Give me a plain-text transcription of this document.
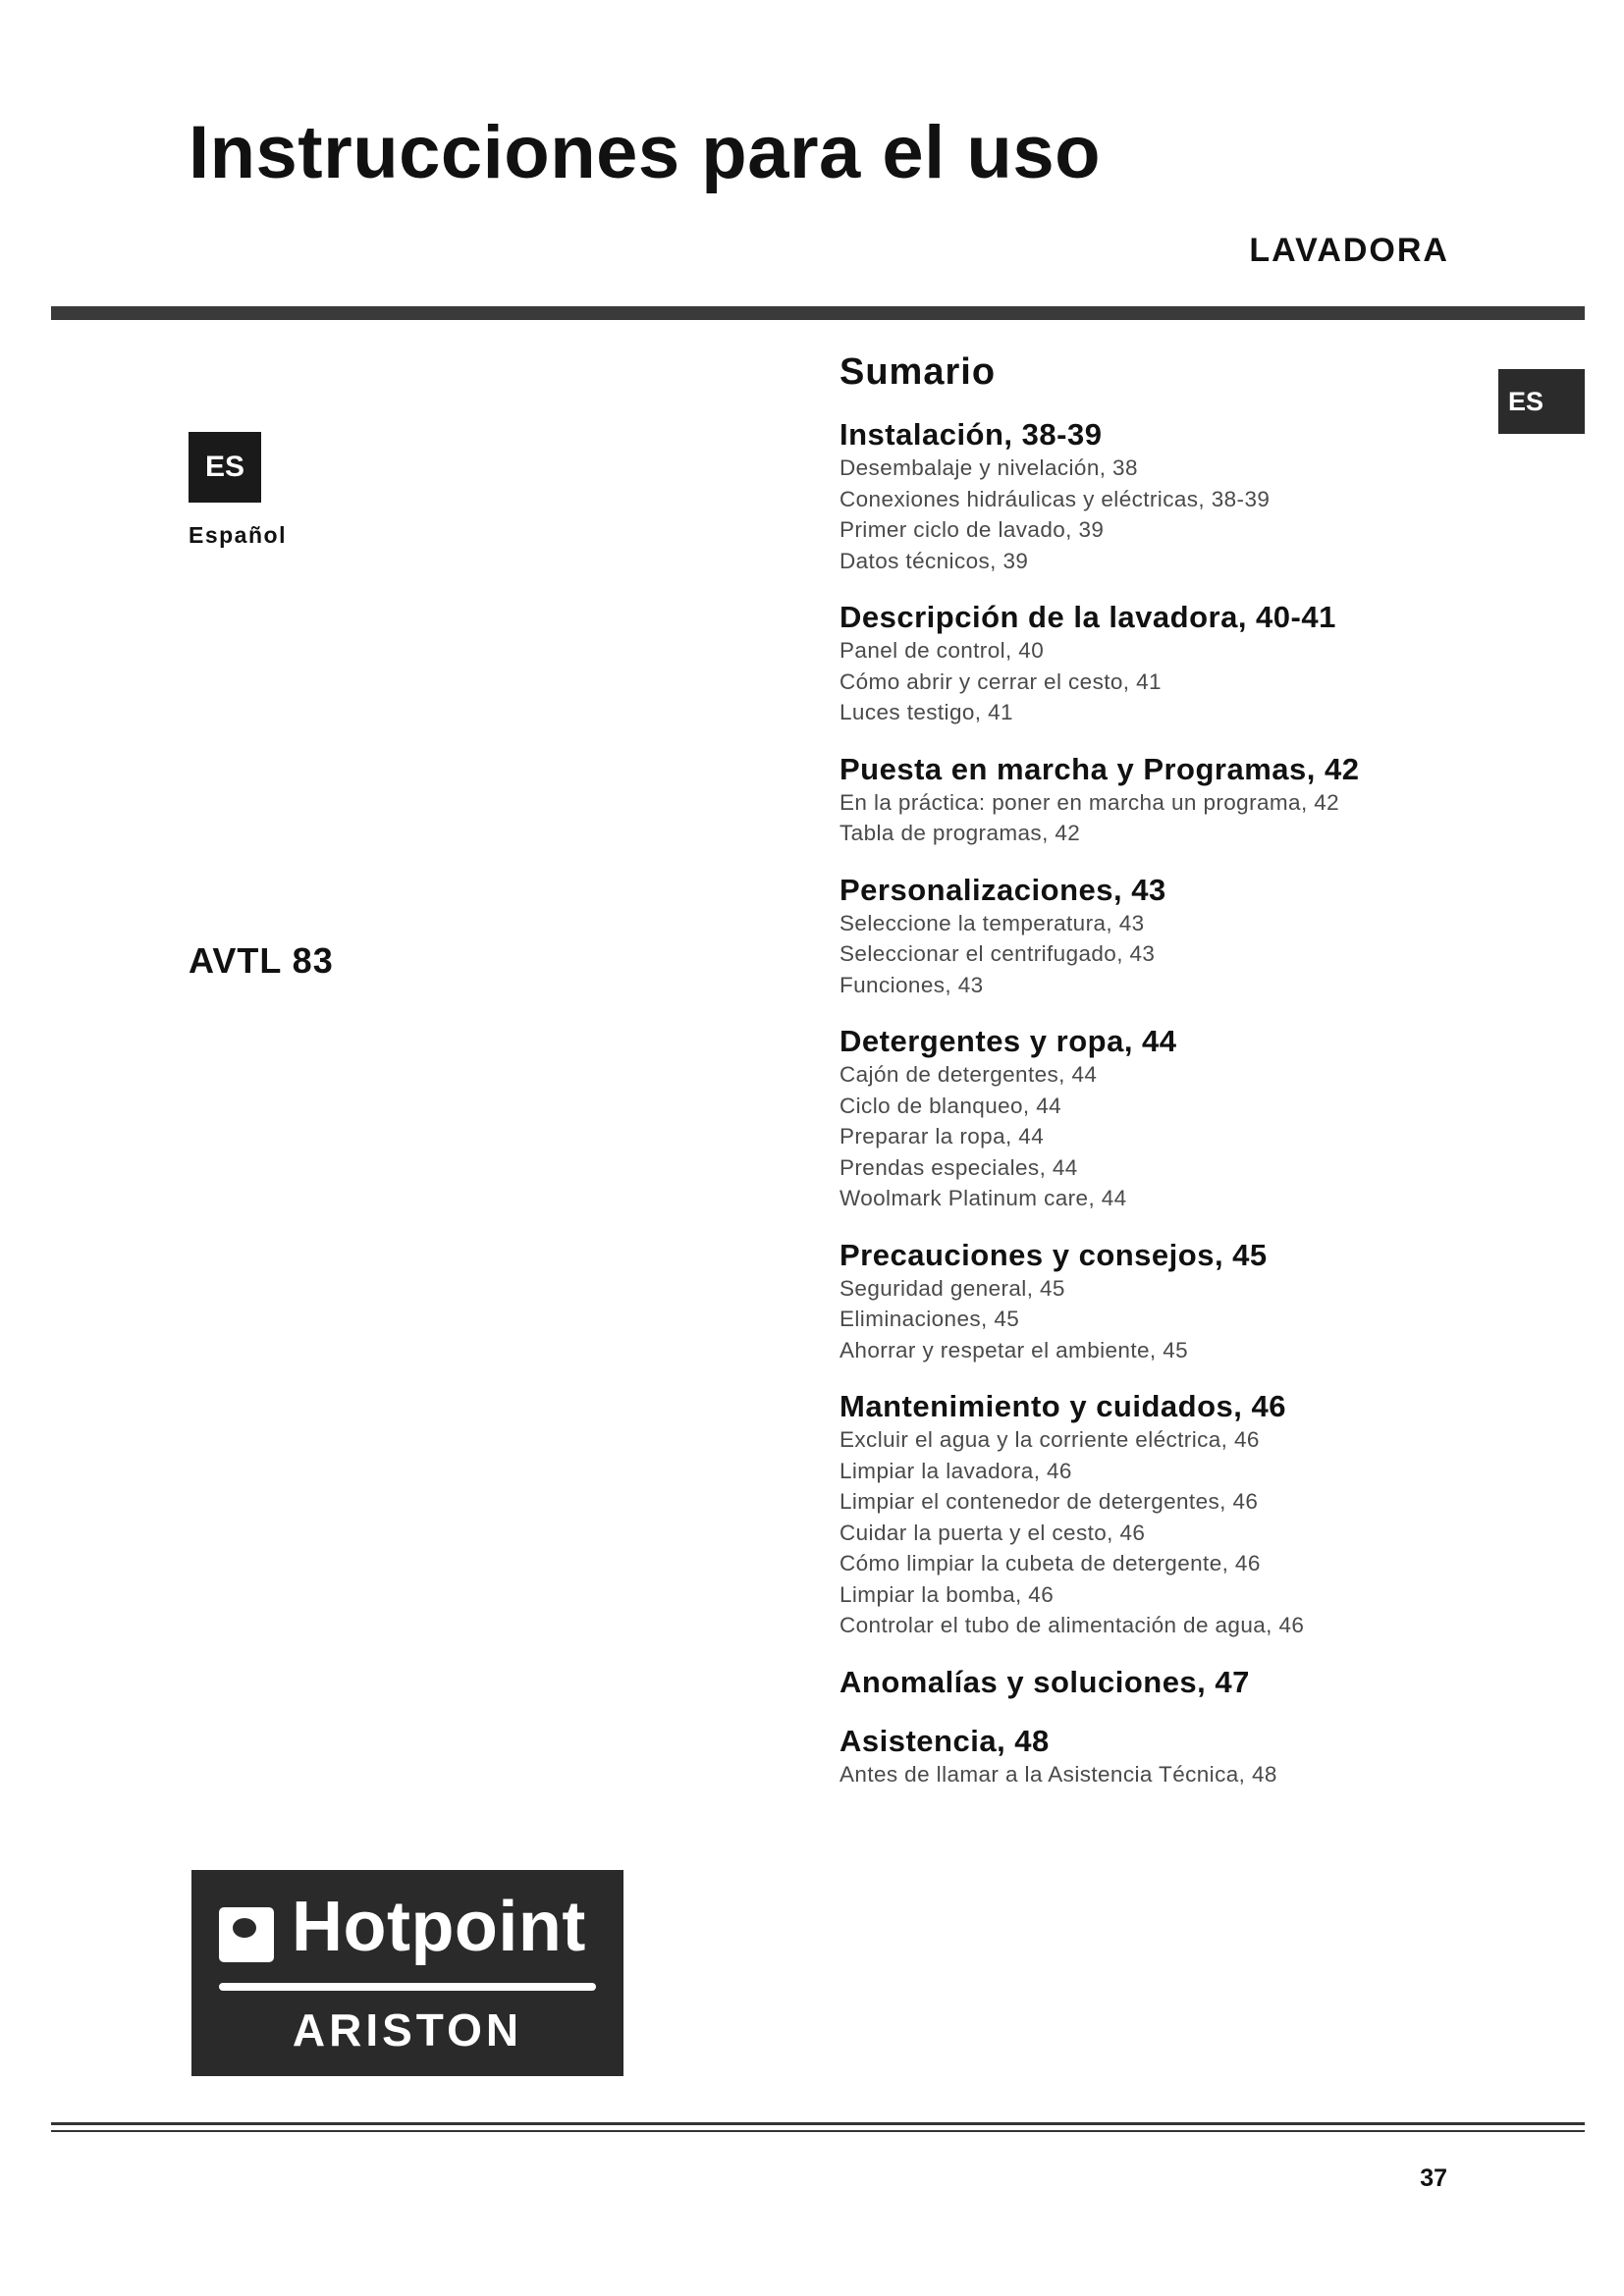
Instrucciones para el uso
LAVADORA
ES
Español
AVTL 83
ES
Sumario
Instalación, 38-39
Desembalaje y nivelación, 38
Conexiones hidráulicas y eléctricas, 38-39
Primer ciclo de lavado, 39
Datos técnicos, 39
Descripción de la lavadora, 40-41
Panel de control, 40
Cómo abrir y cerrar el cesto, 41
Luces testigo, 41
Puesta en marcha y Programas, 42
En la práctica: poner en marcha un programa, 42
Tabla de programas, 42
Personalizaciones, 43
Seleccione la temperatura, 43
Seleccionar el centrifugado, 43
Funciones, 43
Detergentes y ropa, 44
Cajón de detergentes, 44
Ciclo de blanqueo, 44
Preparar la ropa, 44
Prendas especiales, 44
Woolmark Platinum care, 44
Precauciones y consejos, 45
Seguridad general, 45
Eliminaciones, 45
Ahorrar y respetar el ambiente, 45
Mantenimiento y cuidados, 46
Excluir el agua y la corriente eléctrica, 46
Limpiar la lavadora, 46
Limpiar el contenedor de detergentes, 46
Cuidar la puerta y el cesto, 46
Cómo limpiar la cubeta de detergente, 46
Limpiar la bomba, 46
Controlar el tubo de alimentación de agua, 46
Anomalías y soluciones, 47
Asistencia, 48
Antes de llamar a la Asistencia Técnica, 48
Hotpoint
ARISTON
37
